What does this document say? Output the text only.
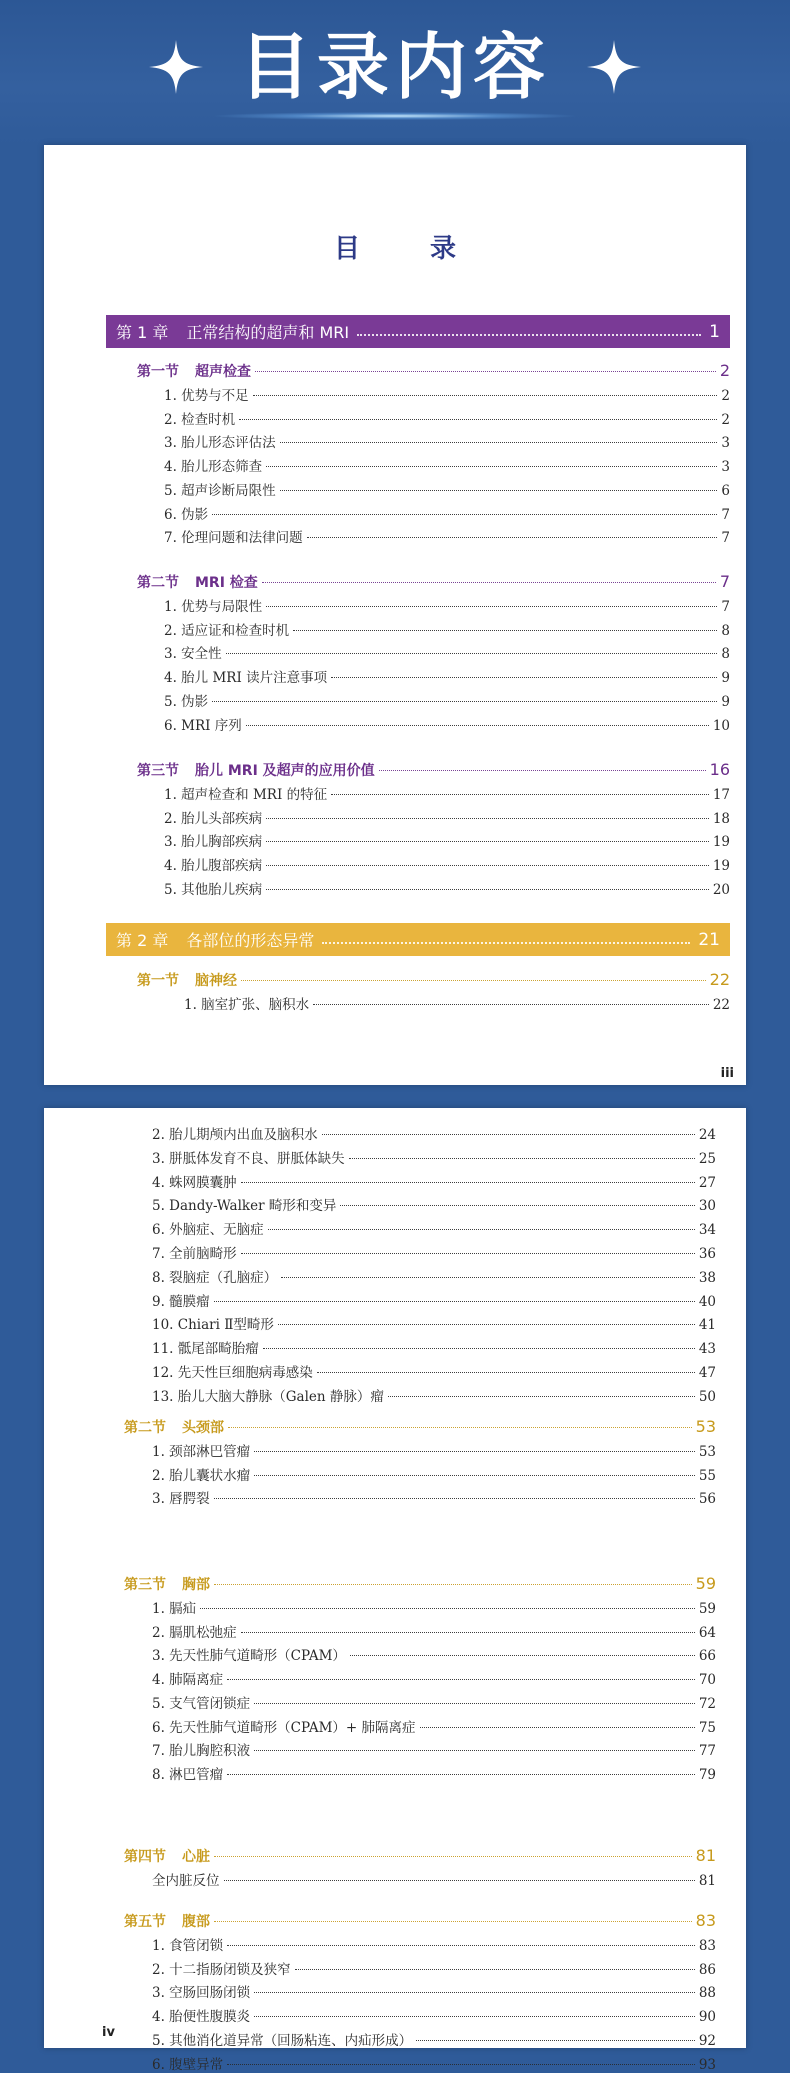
目录内容
目	录
第 1 章 正常结构的超声和 MRI	1
第一节 超声检查	2
1. 优势与不足	2
2. 检查时机	2
3. 胎儿形态评估法	3
4. 胎儿形态筛查	3
5. 超声诊断局限性	6
6. 伪影	7
7. 伦理问题和法律问题	7
第二节 MRI 检查	7
1. 优势与局限性	7
2. 适应证和检查时机	8
3. 安全性	8
4. 胎儿 MRI 读片注意事项	9
5. 伪影	9
6. MRI 序列	10
第三节 胎儿 MRI 及超声的应用价值	16
1. 超声检查和 MRI 的特征	17
2. 胎儿头部疾病	18
3. 胎儿胸部疾病	19
4. 胎儿腹部疾病	19
5. 其他胎儿疾病	20
第 2 章 各部位的形态异常	21
第一节 脑神经	22
1. 脑室扩张、脑积水	22
iii
2. 胎儿期颅内出血及脑积水	24
3. 胼胝体发育不良、胼胝体缺失	25
4. 蛛网膜囊肿	27
5. Dandy-Walker 畸形和变异	30
6. 外脑症、无脑症	34
7. 全前脑畸形	36
8. 裂脑症（孔脑症）	38
9. 髓膜瘤	40
10. Chiari Ⅱ型畸形	41
11. 骶尾部畸胎瘤	43
12. 先天性巨细胞病毒感染	47
13. 胎儿大脑大静脉（Galen 静脉）瘤	50
第二节 头颈部	53
1. 颈部淋巴管瘤	53
2. 胎儿囊状水瘤	55
3. 唇腭裂	56
第三节 胸部	59
1. 膈疝	59
2. 膈肌松弛症	64
3. 先天性肺气道畸形（CPAM）	66
4. 肺隔离症	70
5. 支气管闭锁症	72
6. 先天性肺气道畸形（CPAM）+ 肺隔离症	75
7. 胎儿胸腔积液	77
8. 淋巴管瘤	79
第四节 心脏	81
全内脏反位	81
第五节 腹部	83
1. 食管闭锁	83
2. 十二指肠闭锁及狭窄	86
3. 空肠回肠闭锁	88
4. 胎便性腹膜炎	90
5. 其他消化道异常（回肠粘连、内疝形成）	92
6. 腹壁异常	93
iv
